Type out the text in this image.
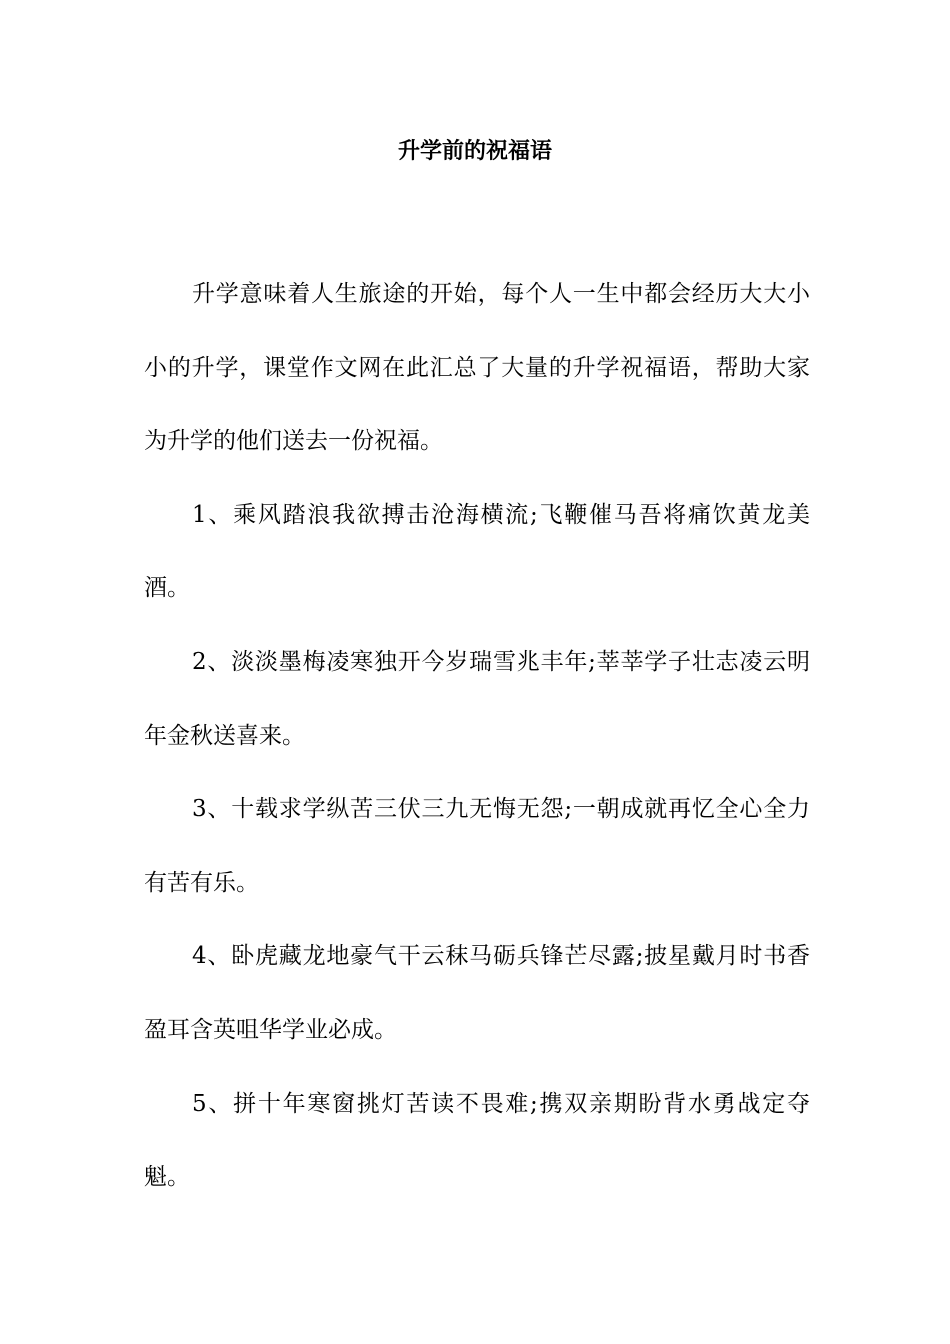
升学前的祝福语

升学意味着人生旅途的开始，每个人一生中都会经历大大小小的升学，课堂作文网在此汇总了大量的升学祝福语，帮助大家为升学的他们送去一份祝福。

1、乘风踏浪我欲搏击沧海横流;飞鞭催马吾将痛饮黄龙美酒。

2、淡淡墨梅凌寒独开今岁瑞雪兆丰年;莘莘学子壮志凌云明年金秋送喜来。

3、十载求学纵苦三伏三九无悔无怨;一朝成就再忆全心全力有苦有乐。

4、卧虎藏龙地豪气干云秣马砺兵锋芒尽露;披星戴月时书香盈耳含英咀华学业必成。

5、拼十年寒窗挑灯苦读不畏难;携双亲期盼背水勇战定夺魁。
